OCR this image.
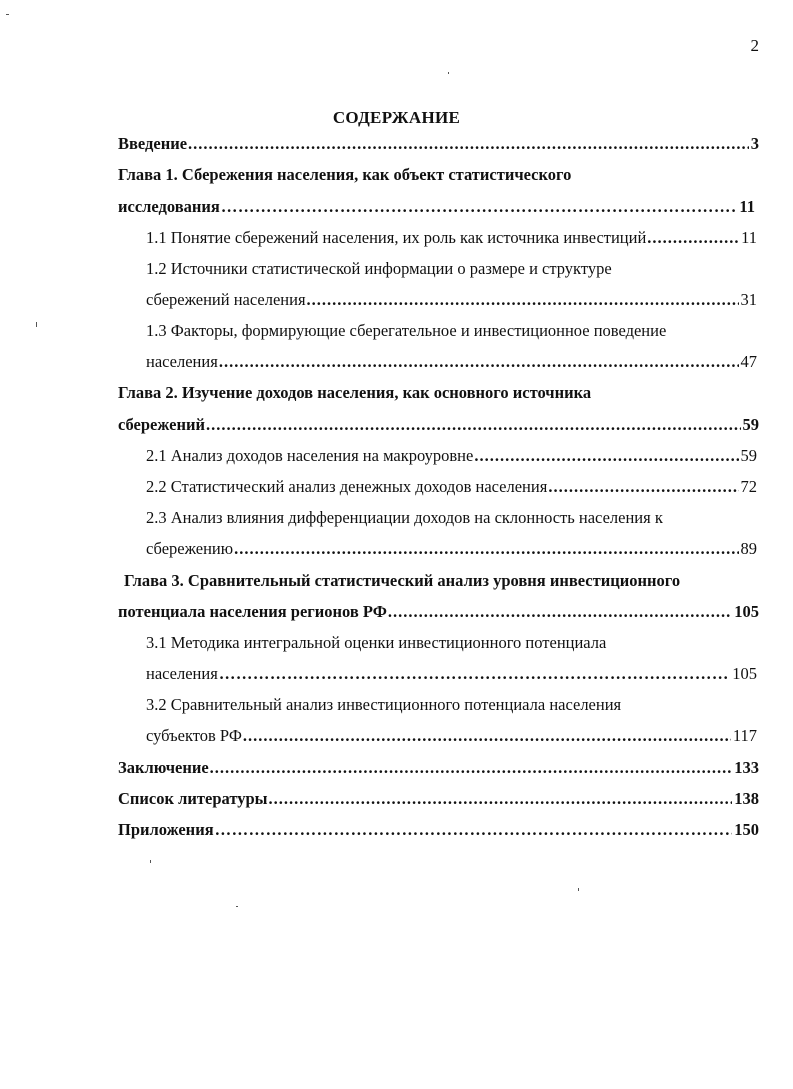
2
СОДЕРЖАНИЕ
Введение .....	3
Глава 1. Сбережения населения, как объект статистического
исследования …………………………………………………………………………………………………………………………………………	11
1.1 Понятие сбережений населения, их роль как источника инвестиций .....	11
1.2 Источники статистической информации о размере и структуре
сбережений населения .....	31
1.3 Факторы, формирующие сберегательное и инвестиционное поведение
населения .....	47
Глава 2. Изучение доходов населения, как основного источника
сбережений .....	59
2.1 Анализ доходов населения на макроуровне .....	59
2.2 Статистический анализ денежных доходов населения .....	72
2.3 Анализ влияния дифференциации доходов на склонность населения к
сбережению .....	89
Глава 3. Сравнительный статистический анализ уровня инвестиционного
потенциала населения регионов РФ .....	105
3.1 Методика интегральной оценки инвестиционного потенциала
населения …………………………………………………………………………………………………………………………………………	105
3.2 Сравнительный анализ инвестиционного потенциала населения
субъектов РФ .....	117
Заключение .....	133
Список литературы .....	138
Приложения …………………………………………………………………………………………………………………………………………	150
